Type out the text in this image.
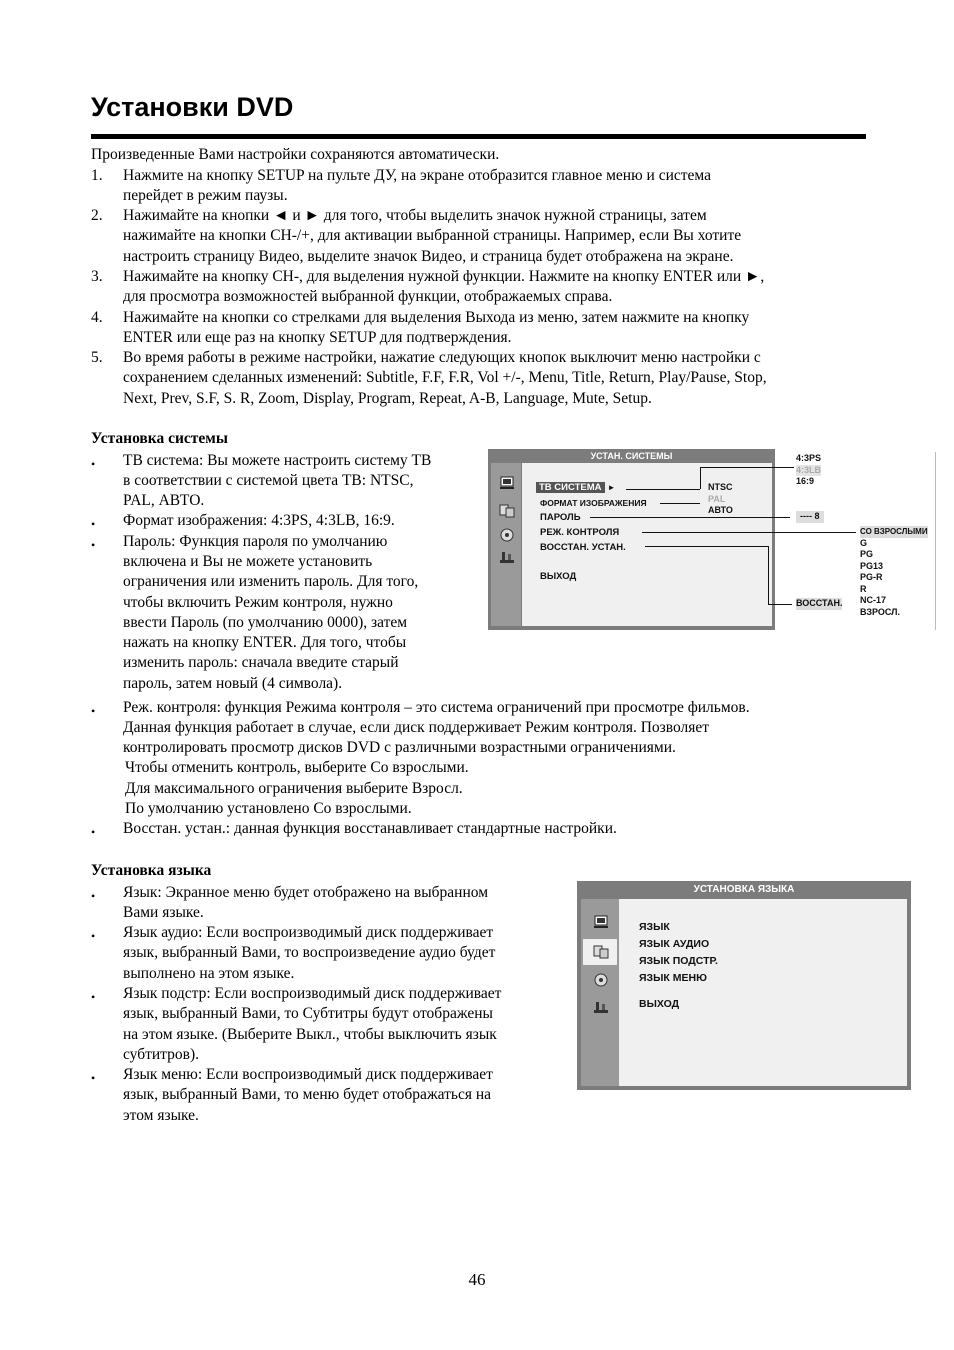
Установки DVD
Произведенные Вами настройки сохраняются автоматически.
1.	Нажмите на кнопку SETUP на пульте ДУ, на экране отобразится главное меню и система
перейдет в режим паузы.
2.	Нажимайте на кнопки ◄ и ► для того, чтобы выделить значок нужной страницы, затем
нажимайте на кнопки CH-/+, для активации выбранной страницы. Например, если Вы хотите
настроить страницу Видео, выделите значок Видео, и страница будет отображена на экране.
3.	Нажимайте на кнопку CH-, для выделения нужной функции. Нажмите на кнопку ENTER или ►,
для просмотра возможностей выбранной функции, отображаемых справа.
4.	Нажимайте на кнопки со стрелками для выделения Выхода из меню, затем нажмите на кнопку
ENTER или еще раз на кнопку SETUP для подтверждения.
5.	Во время работы в режиме настройки, нажатие следующих кнопок выключит меню настройки с
сохранением сделанных изменений: Subtitle, F.F, F.R, Vol +/-, Menu, Title, Return, Play/Pause, Stop,
Next, Prev, S.F, S. R, Zoom, Display, Program, Repeat, A-B, Language, Mute, Setup.
Установка системы
•	ТВ система: Вы можете настроить систему ТВ
в соответствии с системой цвета ТВ: NTSC,
PAL, АВТО.
•	Формат изображения: 4:3PS, 4:3LB, 16:9.
•	Пароль: Функция пароля по умолчанию
включена и Вы не можете установить
ограничения или изменить пароль. Для того,
чтобы включить Режим контроля, нужно
ввести Пароль (по умолчанию 0000), затем
нажать на кнопку ENTER. Для того, чтобы
изменить пароль: сначала введите старый
пароль, затем новый (4 символа).
•	Реж. контроля: функция Режима контроля – это система ограничений при просмотре фильмов.
Данная функция работает в случае, если диск поддерживает Режим контроля. Позволяет
контролировать просмотр дисков DVD с различными возрастными ограничениями.
Чтобы отменить контроль, выберите Со взрослыми.
Для максимального ограничения выберите Взросл.
По умолчанию установлено Со взрослыми.
•	Восстан. устан.: данная функция восстанавливает стандартные настройки.
УСТАН. СИСТЕМЫ
ТВ СИСТЕМА ►
ФОРМАТ ИЗОБРАЖЕНИЯ
ПАРОЛЬ
РЕЖ. КОНТРОЛЯ
ВОССТАН. УСТАН.
ВЫХОД
NTSC
PAL
АВТО
4:3PS
4:3LB
16:9
---- 8
СО ВЗРОСЛЫМИ
G
PG
PG13
PG-R
R
NC-17
ВЗРОСЛ.
ВОССТАН.
Установка языка
•	Язык: Экранное меню будет отображено на выбранном
Вами языке.
•	Язык аудио: Если воспроизводимый диск поддерживает
язык, выбранный Вами, то воспроизведение аудио будет
выполнено на этом языке.
•	Язык подстр: Если воспроизводимый диск поддерживает
язык, выбранный Вами, то Субтитры будут отображены
на этом языке. (Выберите Выкл., чтобы выключить язык
субтитров).
•	Язык меню: Если воспроизводимый диск поддерживает
язык, выбранный Вами, то меню будет отображаться на
этом языке.
УСТАНОВКА ЯЗЫКА
ЯЗЫК
ЯЗЫК АУДИО
ЯЗЫК ПОДСТР.
ЯЗЫК МЕНЮ
ВЫХОД
46
